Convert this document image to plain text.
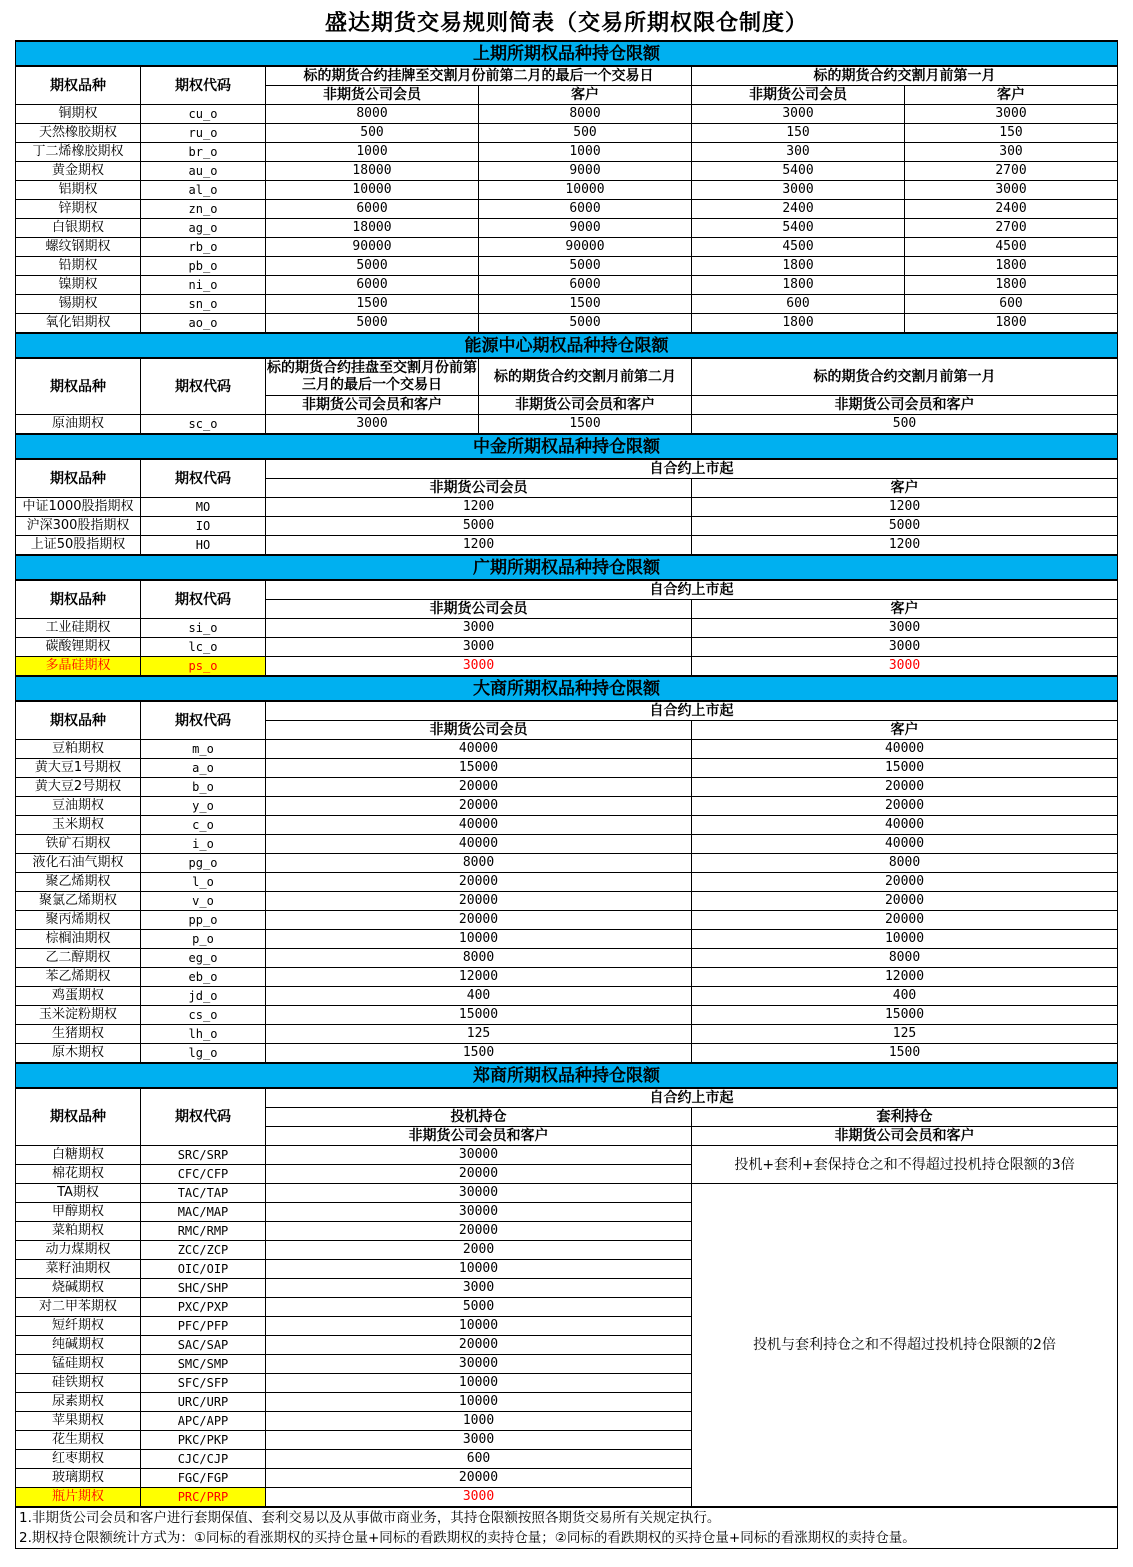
盛达期货交易规则简表（交易所期权限仓制度）
上期所期权品种持仓限额					
期权品种	期权代码	标的期货合约挂牌至交割月份前第二月的最后一个交易日		标的期货合约交割月前第一月	
		非期货公司会员	客户	非期货公司会员	客户
铜期权	cu_o	8000	8000	3000	3000
天然橡胶期权	ru_o	500	500	150	150
丁二烯橡胶期权	br_o	1000	1000	300	300
黄金期权	au_o	18000	9000	5400	2700
铝期权	al_o	10000	10000	3000	3000
锌期权	zn_o	6000	6000	2400	2400
白银期权	ag_o	18000	9000	5400	2700
螺纹钢期权	rb_o	90000	90000	4500	4500
铅期权	pb_o	5000	5000	1800	1800
镍期权	ni_o	6000	6000	1800	1800
锡期权	sn_o	1500	1500	600	600
氧化铝期权	ao_o	5000	5000	1800	1800
能源中心期权品种持仓限额					
期权品种	期权代码	标的期货合约挂盘至交割月份前第三月的最后一个交易日	标的期货合约交割月前第二月	标的期货合约交割月前第一月	
		非期货公司会员和客户	非期货公司会员和客户	非期货公司会员和客户	
原油期权	sc_o	3000	1500	500	
中金所期权品种持仓限额					
期权品种	期权代码	自合约上市起			
		非期货公司会员		客户	
中证1000股指期权	MO	1200		1200	
沪深300股指期权	IO	5000		5000	
上证50股指期权	HO	1200		1200	
广期所期权品种持仓限额					
期权品种	期权代码	自合约上市起			
		非期货公司会员		客户	
工业硅期权	si_o	3000		3000	
碳酸锂期权	lc_o	3000		3000	
多晶硅期权	ps_o	3000		3000	
大商所期权品种持仓限额					
期权品种	期权代码	自合约上市起			
		非期货公司会员		客户	
豆粕期权	m_o	40000		40000	
黄大豆1号期权	a_o	15000		15000	
黄大豆2号期权	b_o	20000		20000	
豆油期权	y_o	20000		20000	
玉米期权	c_o	40000		40000	
铁矿石期权	i_o	40000		40000	
液化石油气期权	pg_o	8000		8000	
聚乙烯期权	l_o	20000		20000	
聚氯乙烯期权	v_o	20000		20000	
聚丙烯期权	pp_o	20000		20000	
棕榈油期权	p_o	10000		10000	
乙二醇期权	eg_o	8000		8000	
苯乙烯期权	eb_o	12000		12000	
鸡蛋期权	jd_o	400		400	
玉米淀粉期权	cs_o	15000		15000	
生猪期权	lh_o	125		125	
原木期权	lg_o	1500		1500	
郑商所期权品种持仓限额					
期权品种	期权代码	自合约上市起			
		投机持仓		套利持仓	
		非期货公司会员和客户		非期货公司会员和客户	
白糖期权	SRC/SRP	30000		投机+套利+套保持仓之和不得超过投机持仓限额的3倍	
棉花期权	CFC/CFP	20000			
TA期权	TAC/TAP	30000		投机与套利持仓之和不得超过投机持仓限额的2倍	
甲醇期权	MAC/MAP	30000			
菜粕期权	RMC/RMP	20000			
动力煤期权	ZCC/ZCP	2000			
菜籽油期权	OIC/OIP	10000			
烧碱期权	SHC/SHP	3000			
对二甲苯期权	PXC/PXP	5000			
短纤期权	PFC/PFP	10000			
纯碱期权	SAC/SAP	20000			
锰硅期权	SMC/SMP	30000			
硅铁期权	SFC/SFP	10000			
尿素期权	URC/URP	10000			
苹果期权	APC/APP	1000			
花生期权	PKC/PKP	3000			
红枣期权	CJC/CJP	600			
玻璃期权	FGC/FGP	20000			
瓶片期权	PRC/PRP	3000			

1.非期货公司会员和客户进行套期保值、套利交易以及从事做市商业务，其持仓限额按照各期货交易所有关规定执行。
2.期权持仓限额统计方式为：①同标的看涨期权的买持仓量+同标的看跌期权的卖持仓量；②同标的看跌期权的买持仓量+同标的看涨期权的卖持仓量。					
